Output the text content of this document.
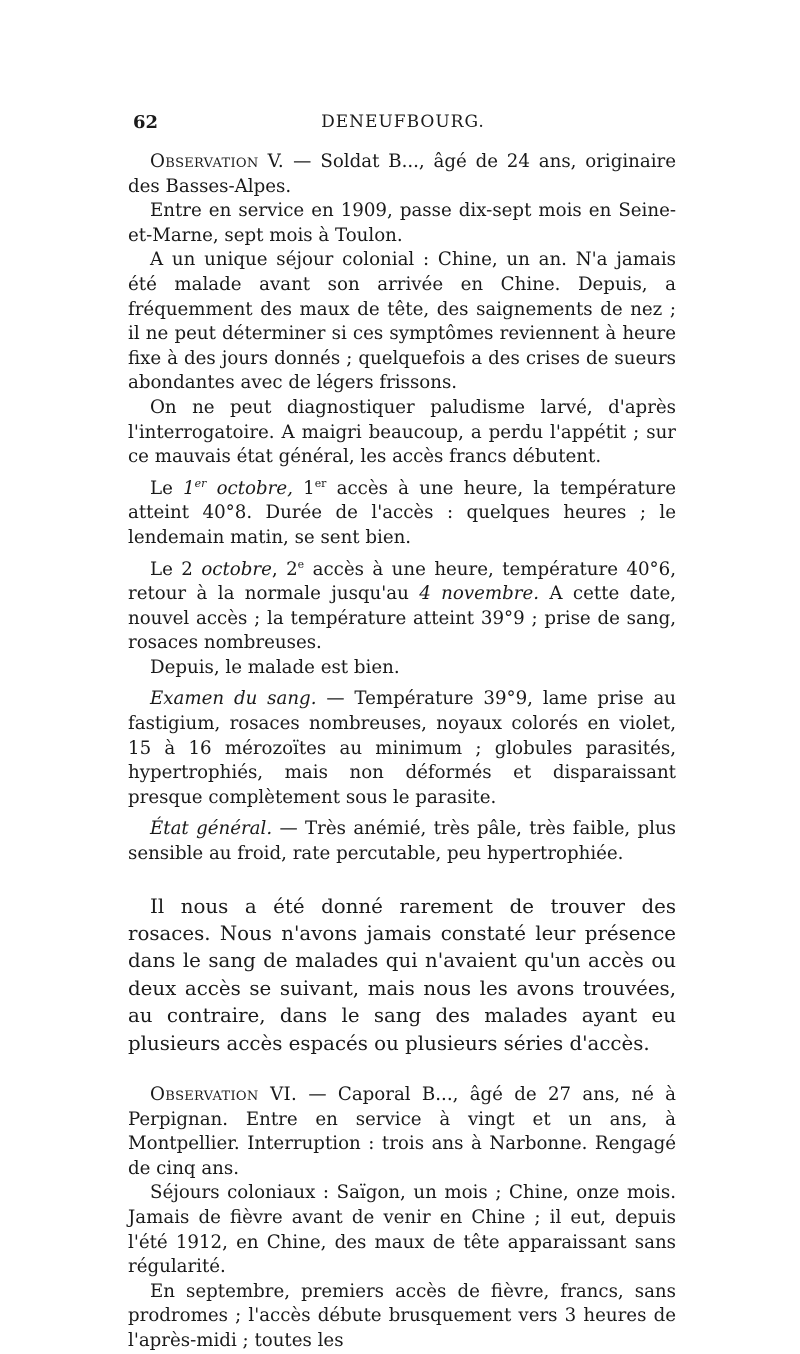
62	DENEUFBOURG.

Observation V. — Soldat B..., âgé de 24 ans, originaire des Basses-Alpes.

Entre en service en 1909, passe dix-sept mois en Seine-et-Marne, sept mois à Toulon.

A un unique séjour colonial : Chine, un an. N'a jamais été malade avant son arrivée en Chine. Depuis, a fréquemment des maux de tête, des saignements de nez ; il ne peut déterminer si ces symptômes reviennent à heure fixe à des jours donnés ; quelquefois a des crises de sueurs abondantes avec de légers frissons.

On ne peut diagnostiquer paludisme larvé, d'après l'interrogatoire. A maigri beaucoup, a perdu l'appétit ; sur ce mauvais état général, les accès francs débutent.

Le 1er octobre, 1er accès à une heure, la température atteint 40°8. Durée de l'accès : quelques heures ; le lendemain matin, se sent bien.

Le 2 octobre, 2e accès à une heure, température 40°6, retour à la normale jusqu'au 4 novembre. A cette date, nouvel accès ; la température atteint 39°9 ; prise de sang, rosaces nombreuses.

Depuis, le malade est bien.

Examen du sang. — Température 39°9, lame prise au fastigium, rosaces nombreuses, noyaux colorés en violet, 15 à 16 mérozoïtes au minimum ; globules parasités, hypertrophiés, mais non déformés et disparaissant presque complètement sous le parasite.

État général. — Très anémié, très pâle, très faible, plus sensible au froid, rate percutable, peu hypertrophiée.

Il nous a été donné rarement de trouver des rosaces. Nous n'avons jamais constaté leur présence dans le sang de malades qui n'avaient qu'un accès ou deux accès se suivant, mais nous les avons trouvées, au contraire, dans le sang des malades ayant eu plusieurs accès espacés ou plusieurs séries d'accès.

Observation VI. — Caporal B..., âgé de 27 ans, né à Perpignan. Entre en service à vingt et un ans, à Montpellier. Interruption : trois ans à Narbonne. Rengagé de cinq ans.

Séjours coloniaux : Saïgon, un mois ; Chine, onze mois. Jamais de fièvre avant de venir en Chine ; il eut, depuis l'été 1912, en Chine, des maux de tête apparaissant sans régularité.

En septembre, premiers accès de fièvre, francs, sans prodromes ; l'accès débute brusquement vers 3 heures de l'après-midi ; toutes les
